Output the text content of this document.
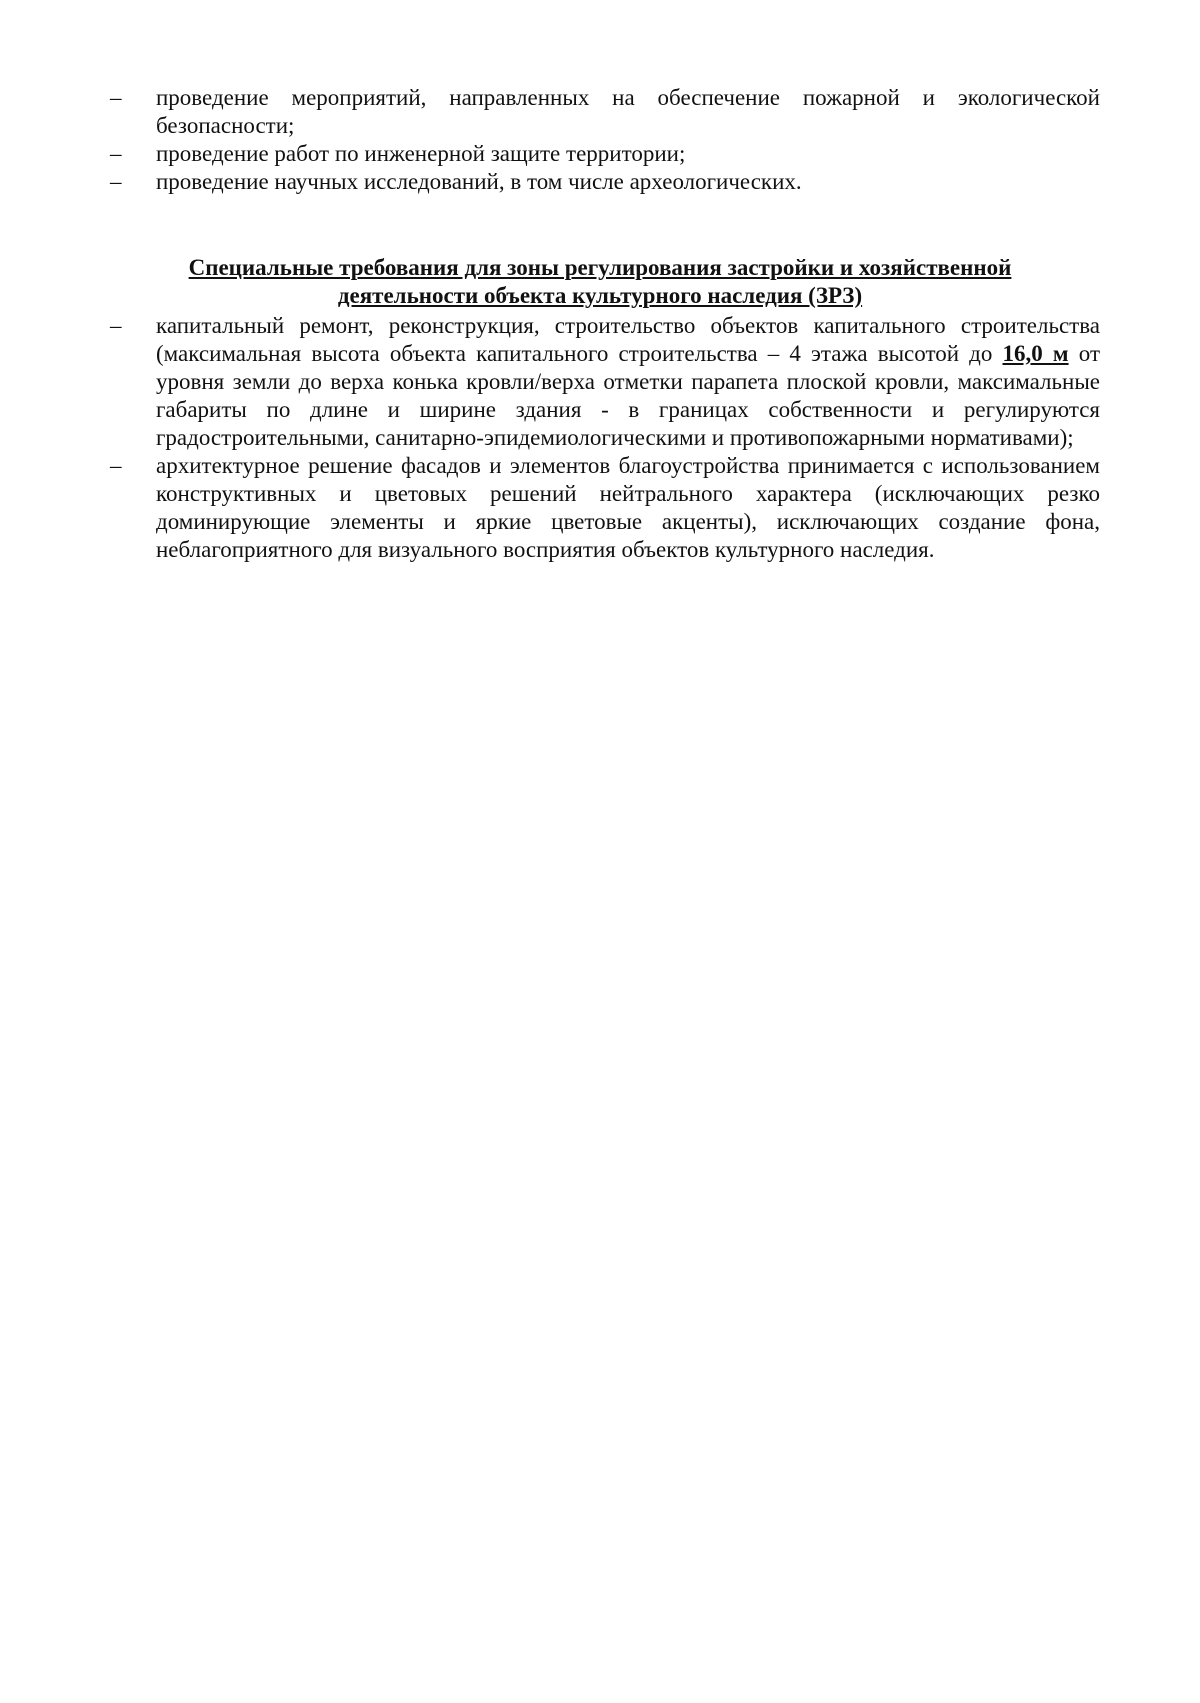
–	проведение мероприятий, направленных на обеспечение пожарной и экологической безопасности;
–	проведение работ по инженерной защите территории;
–	проведение научных исследований, в том числе археологических.
Специальные требования для зоны регулирования застройки и хозяйственной
деятельности объекта культурного наследия (ЗРЗ)
–	капитальный ремонт, реконструкция, строительство объектов капитального строительства (максимальная высота объекта капитального строительства – 4 этажа высотой до 16,0 м от уровня земли до верха конька кровли/верха отметки парапета плоской кровли, максимальные габариты по длине и ширине здания - в границах собственности и регулируются градостроительными, санитарно-эпидемиологическими и противопожарными нормативами);
–	архитектурное решение фасадов и элементов благоустройства принимается с использованием конструктивных и цветовых решений нейтрального характера (исключающих резко доминирующие элементы и яркие цветовые акценты), исключающих создание фона, неблагоприятного для визуального восприятия объектов культурного наследия.
